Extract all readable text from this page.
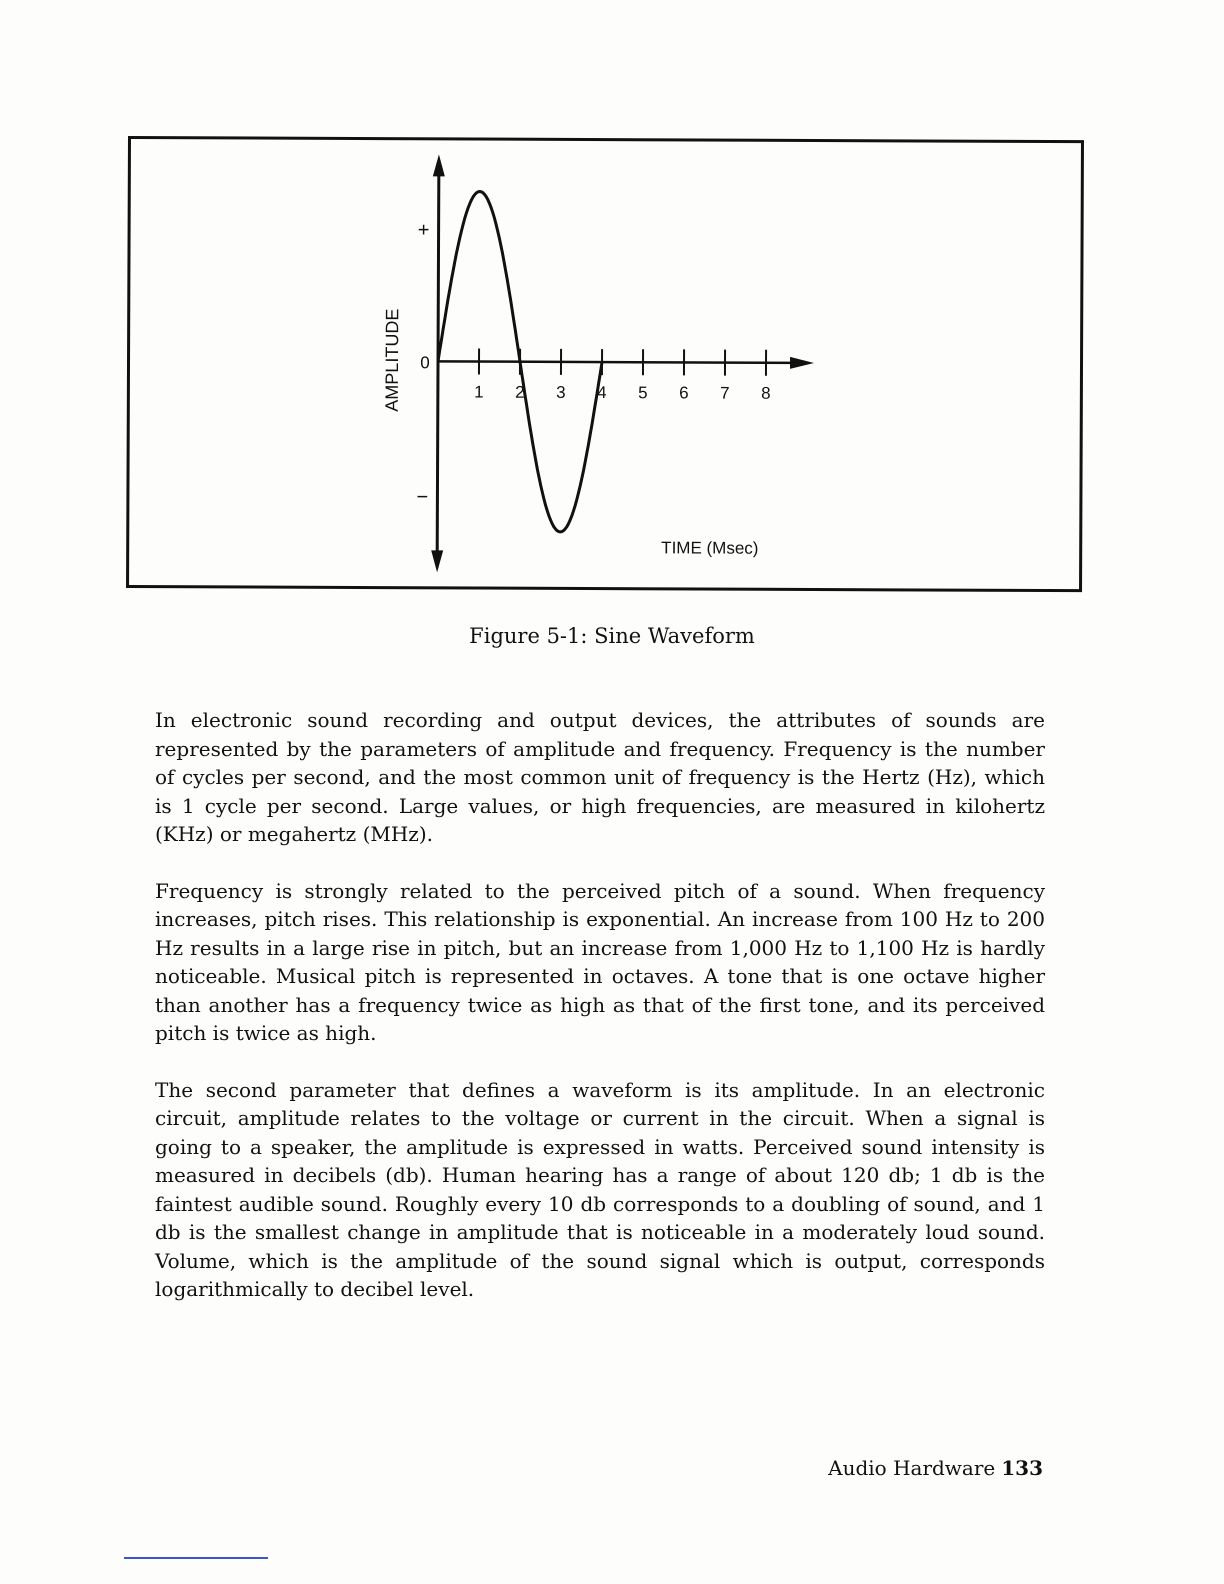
1 2 3 4 5 6 7 8
+
0
−
AMPLITUDE
TIME (Msec)
Figure 5-1: Sine Waveform

In electronic sound recording and output devices, the attributes of sounds are represented by the parameters of amplitude and frequency. Frequency is the number of cycles per second, and the most common unit of frequency is the Hertz (Hz), which is 1 cycle per second. Large values, or high frequencies, are measured in kilohertz (KHz) or megahertz (MHz).

Frequency is strongly related to the perceived pitch of a sound. When frequency increases, pitch rises. This relationship is exponential. An increase from 100 Hz to 200 Hz results in a large rise in pitch, but an increase from 1,000 Hz to 1,100 Hz is hardly noticeable. Musical pitch is represented in octaves. A tone that is one octave higher than another has a frequency twice as high as that of the first tone, and its perceived pitch is twice as high.

The second parameter that defines a waveform is its amplitude. In an electronic circuit, amplitude relates to the voltage or current in the circuit. When a signal is going to a speaker, the amplitude is expressed in watts. Perceived sound intensity is measured in decibels (db). Human hearing has a range of about 120 db; 1 db is the faintest audible sound. Roughly every 10 db corresponds to a doubling of sound, and 1 db is the smallest change in amplitude that is noticeable in a moderately loud sound. Volume, which is the amplitude of the sound signal which is output, corresponds logarithmically to decibel level.

Audio Hardware 133
